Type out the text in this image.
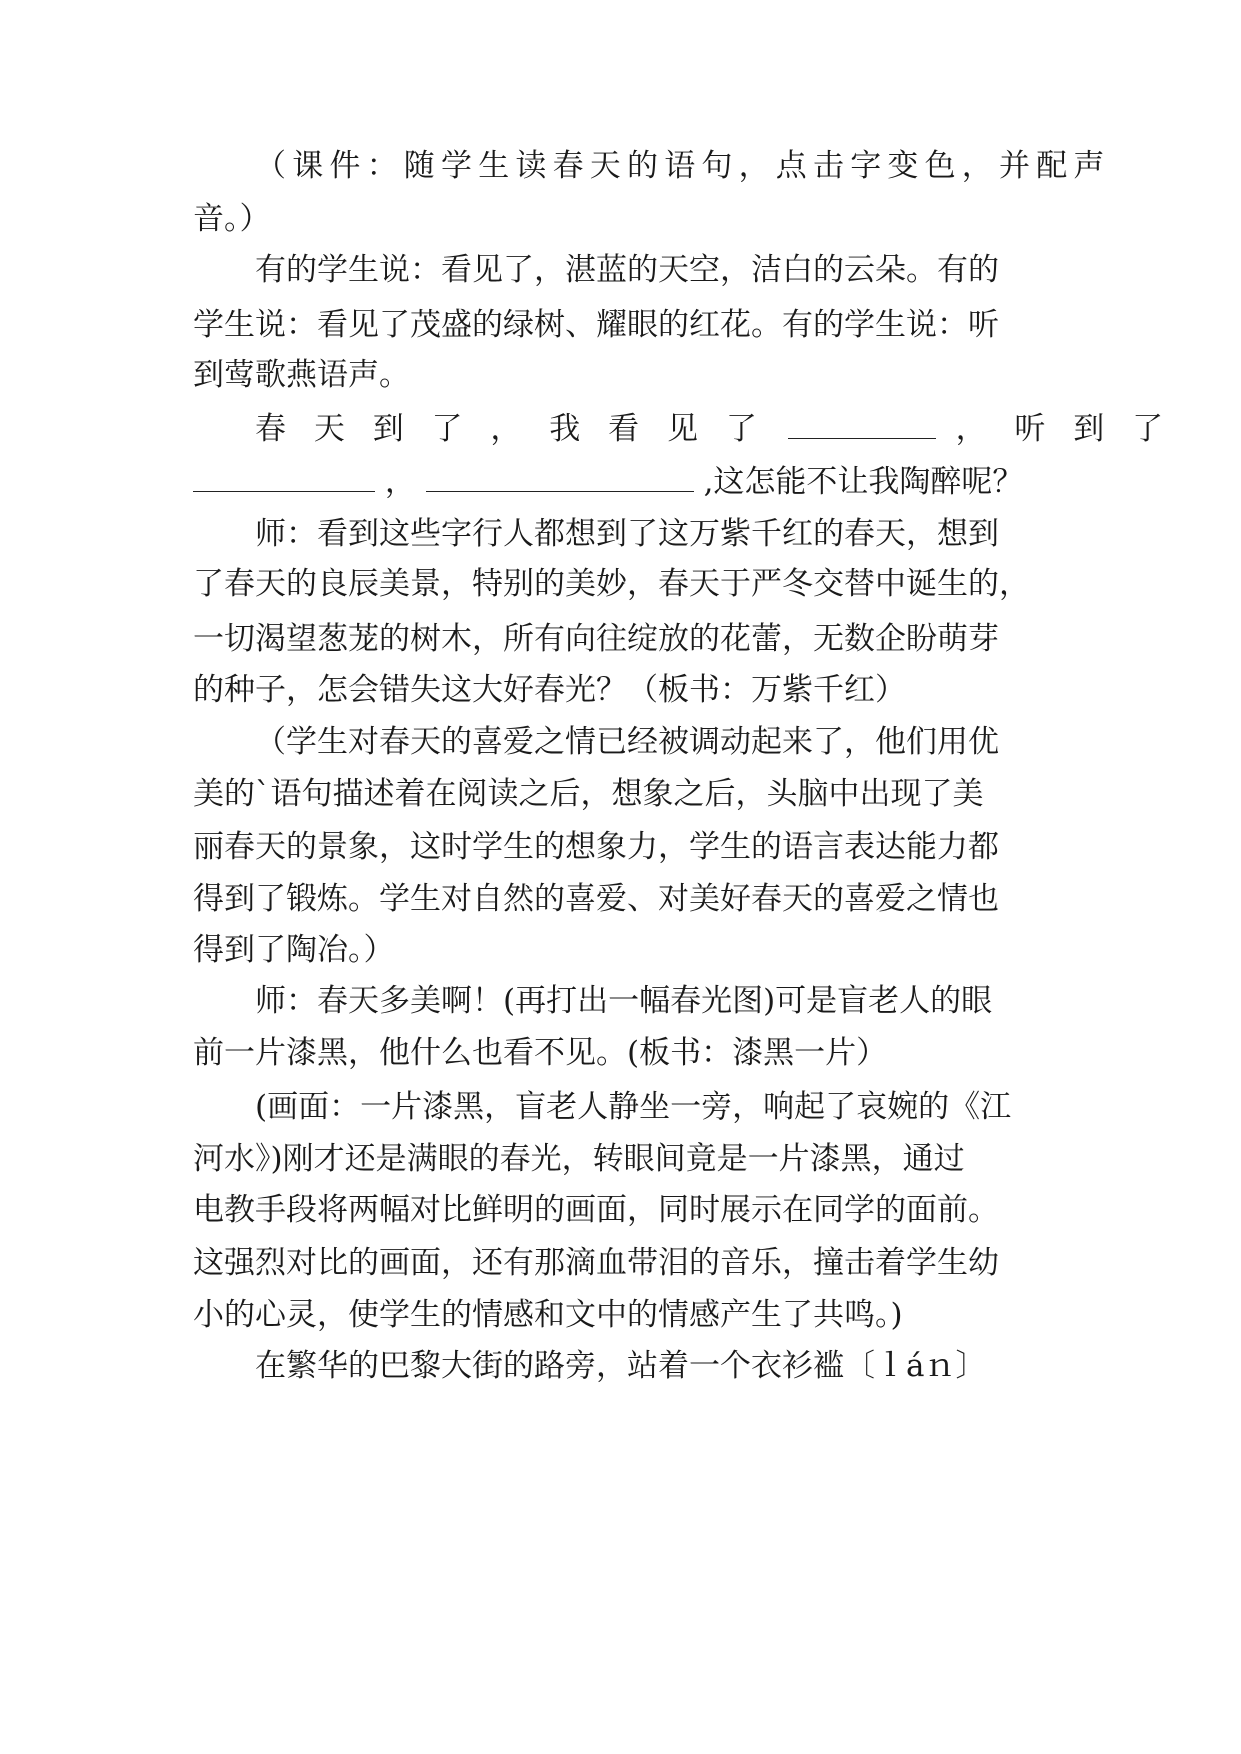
（课件：随学生读春天的语句，点击字变色，并配声
音。）
有的学生说：看见了，湛蓝的天空，洁白的云朵。有的
学生说：看见了茂盛的绿树、耀眼的红花。有的学生说：听
到莺歌燕语声。
春 天 到 了 ， 我 看 见 了	， 听 到 了
，	,这怎能不让我陶醉呢？
师：看到这些字行人都想到了这万紫千红的春天，想到
了春天的良辰美景，特别的美妙，春天于严冬交替中诞生的，
一切渴望葱茏的树木，所有向往绽放的花蕾，无数企盼萌芽
的种子，怎会错失这大好春光？（板书：万紫千红）
（学生对春天的喜爱之情已经被调动起来了，他们用优
美的`语句描述着在阅读之后，想象之后，头脑中出现了美
丽春天的景象，这时学生的想象力，学生的语言表达能力都
得到了锻炼。学生对自然的喜爱、对美好春天的喜爱之情也
得到了陶冶。）
师：春天多美啊！(再打出一幅春光图)可是盲老人的眼
前一片漆黑，他什么也看不见。(板书：漆黑一片）
(画面：一片漆黑，盲老人静坐一旁，响起了哀婉的《江
河水》)刚才还是满眼的春光，转眼间竟是一片漆黑，通过
电教手段将两幅对比鲜明的画面，同时展示在同学的面前。
这强烈对比的画面，还有那滴血带泪的音乐，撞击着学生幼
小的心灵，使学生的情感和文中的情感产生了共鸣。)
在繁华的巴黎大街的路旁，站着一个衣衫褴〔ｌáｎ〕
